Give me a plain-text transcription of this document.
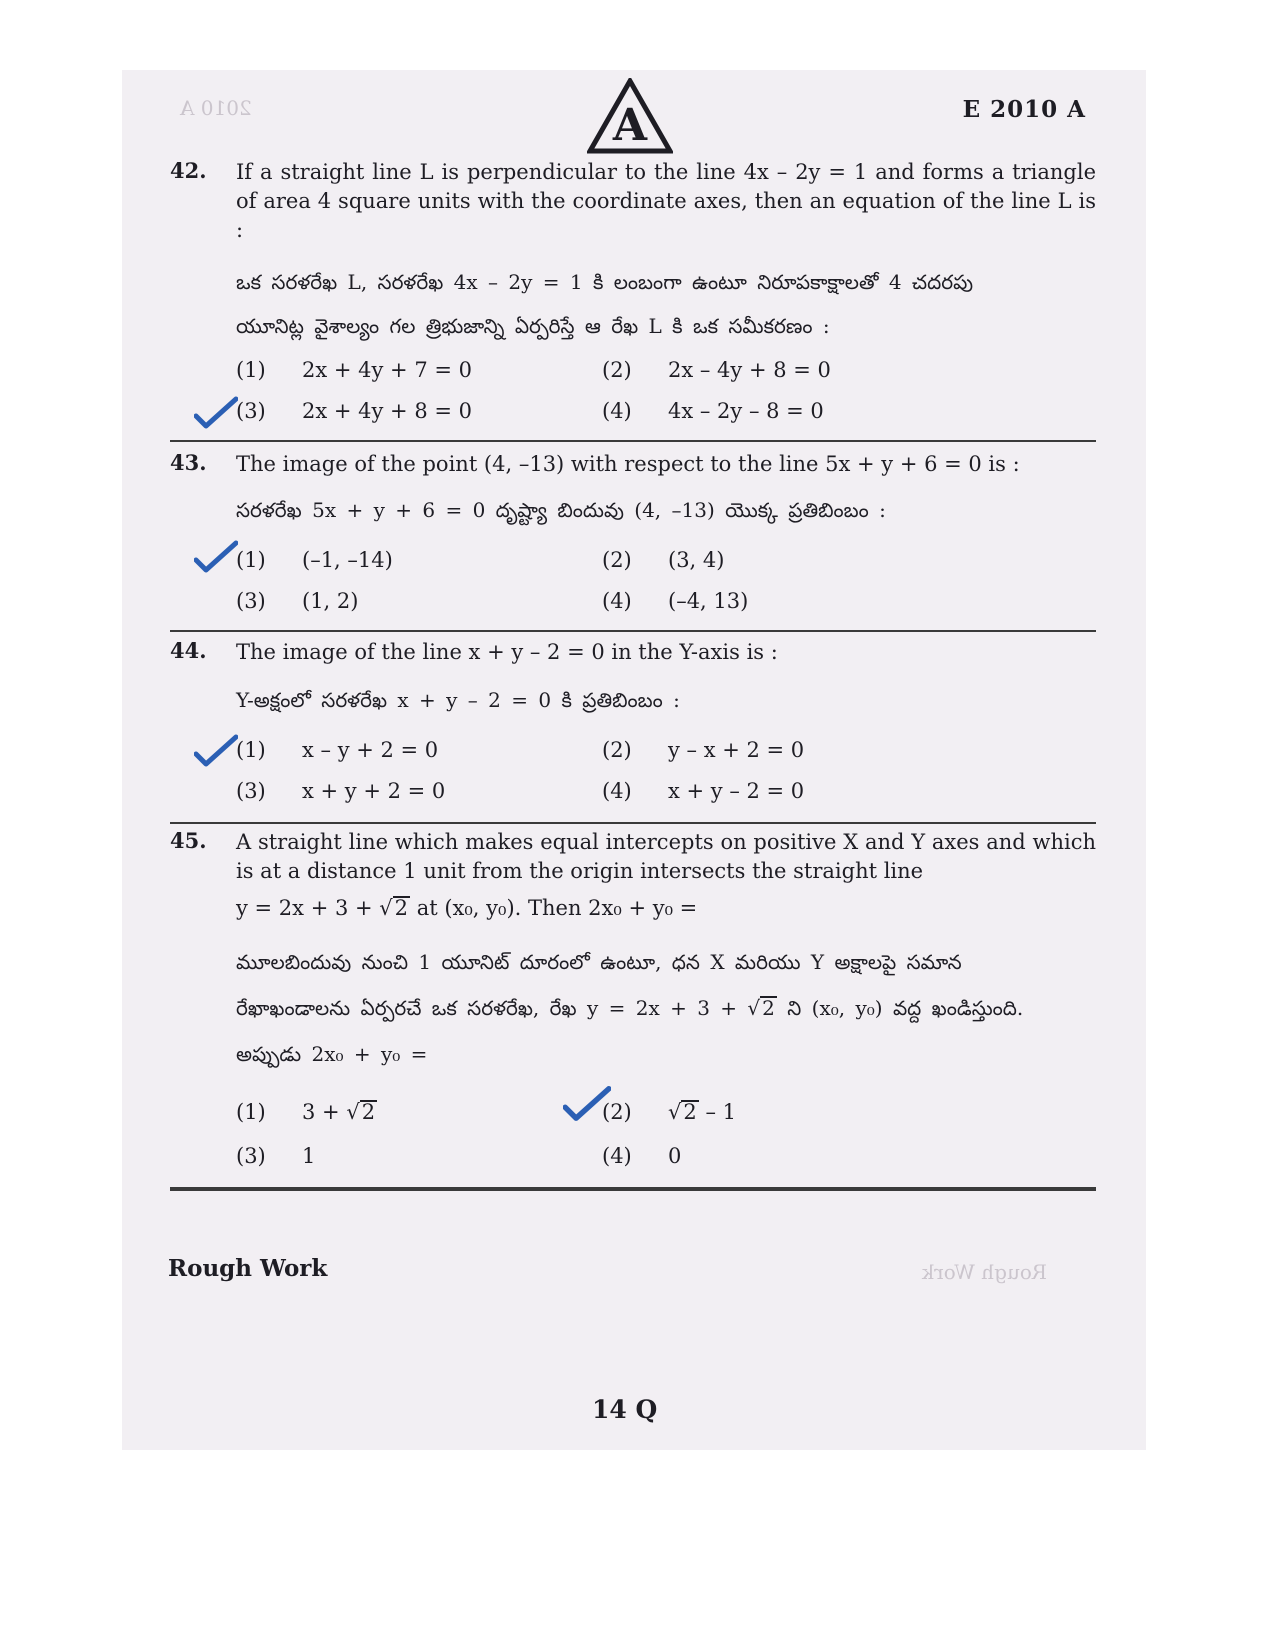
A	E 2010 A
2010 A
42. If a straight line L is perpendicular to the line 4x – 2y = 1 and forms a triangle of area 4 square units with the coordinate axes, then an equation of the line L is :
ఒక సరళరేఖ L, సరళరేఖ 4x – 2y = 1 కి లంబంగా ఉంటూ నిరూపకాక్షాలతో 4 చదరపు
యూనిట్ల వైశాల్యం గల త్రిభుజాన్ని ఏర్పరిస్తే ఆ రేఖ L కి ఒక సమీకరణం :
(1) 2x + 4y + 7 = 0	(2) 2x – 4y + 8 = 0
(3) 2x + 4y + 8 = 0	(4) 4x – 2y – 8 = 0
43. The image of the point (4, –13) with respect to the line 5x + y + 6 = 0 is :
సరళరేఖ 5x + y + 6 = 0 దృష్ట్యా బిందువు (4, –13) యొక్క ప్రతిబింబం :
(1) (–1, –14)	(2) (3, 4)
(3) (1, 2)	(4) (–4, 13)
44. The image of the line x + y – 2 = 0 in the Y-axis is :
Y-అక్షంలో సరళరేఖ x + y – 2 = 0 కి ప్రతిబింబం :
(1) x – y + 2 = 0	(2) y – x + 2 = 0
(3) x + y + 2 = 0	(4) x + y – 2 = 0
45. A straight line which makes equal intercepts on positive X and Y axes and which is at a distance 1 unit from the origin intersects the straight line
y = 2x + 3 + √2 at (x₀, y₀). Then 2x₀ + y₀ =
మూలబిందువు నుంచి 1 యూనిట్ దూరంలో ఉంటూ, ధన X మరియు Y అక్షాలపై సమాన
రేఖాఖండాలను ఏర్పరచే ఒక సరళరేఖ, రేఖ y = 2x + 3 + √ 2 ని (x₀, y₀) వద్ద ఖండిస్తుంది.
అప్పుడు 2x₀ + y₀ =
(1) 3 + √2	(2) √2 – 1
(3) 1	(4) 0
Rough Work	Rough Work
14 Q
